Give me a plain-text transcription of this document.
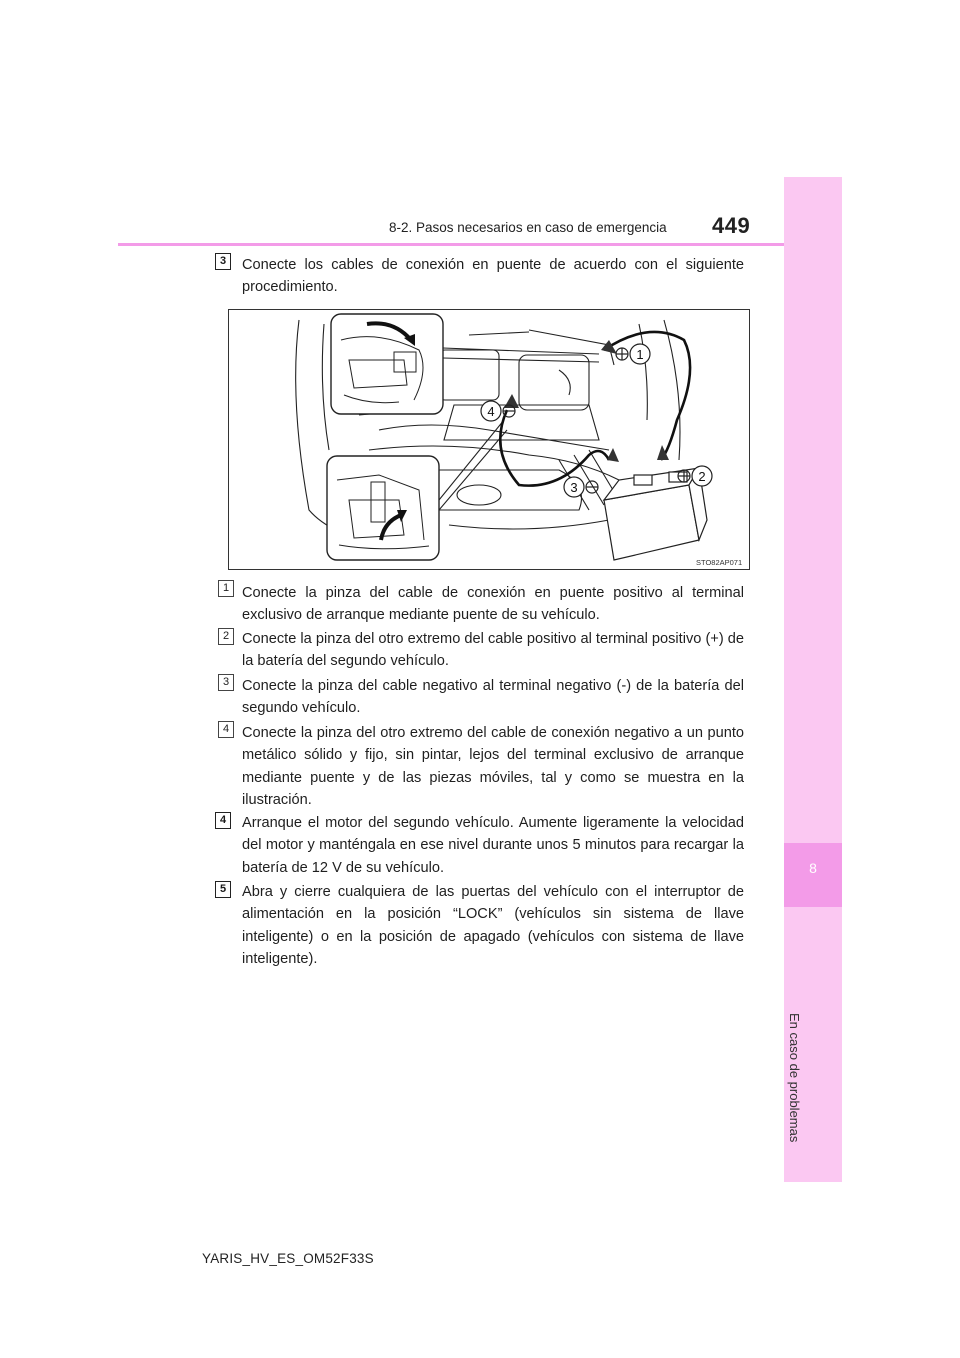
8-2. Pasos necesarios en caso de emergencia 449
8
En caso de problemas
3	Conecte los cables de conexión en puente de acuerdo con el siguiente procedimiento.
1
2
4
3
STO82AP071
1 Conecte la pinza del cable de conexión en puente positivo al terminal exclusivo de arranque mediante puente de su vehículo.
2 Conecte la pinza del otro extremo del cable positivo al terminal positivo (+) de la batería del segundo vehículo.
3 Conecte la pinza del cable negativo al terminal negativo (-) de la batería del segundo vehículo.
4 Conecte la pinza del otro extremo del cable de conexión negativo a un punto metálico sólido y fijo, sin pintar, lejos del terminal exclusivo de arranque mediante puente y de las piezas móviles, tal y como se muestra en la ilustración.
4	Arranque el motor del segundo vehículo. Aumente ligeramente la velocidad del motor y manténgala en ese nivel durante unos 5 minutos para recargar la batería de 12 V de su vehículo.
5	Abra y cierre cualquiera de las puertas del vehículo con el interruptor de alimentación en la posición “LOCK” (vehículos sin sistema de llave inteligente) o en la posición de apagado (vehículos con sistema de llave inteligente).
YARIS_HV_ES_OM52F33S
